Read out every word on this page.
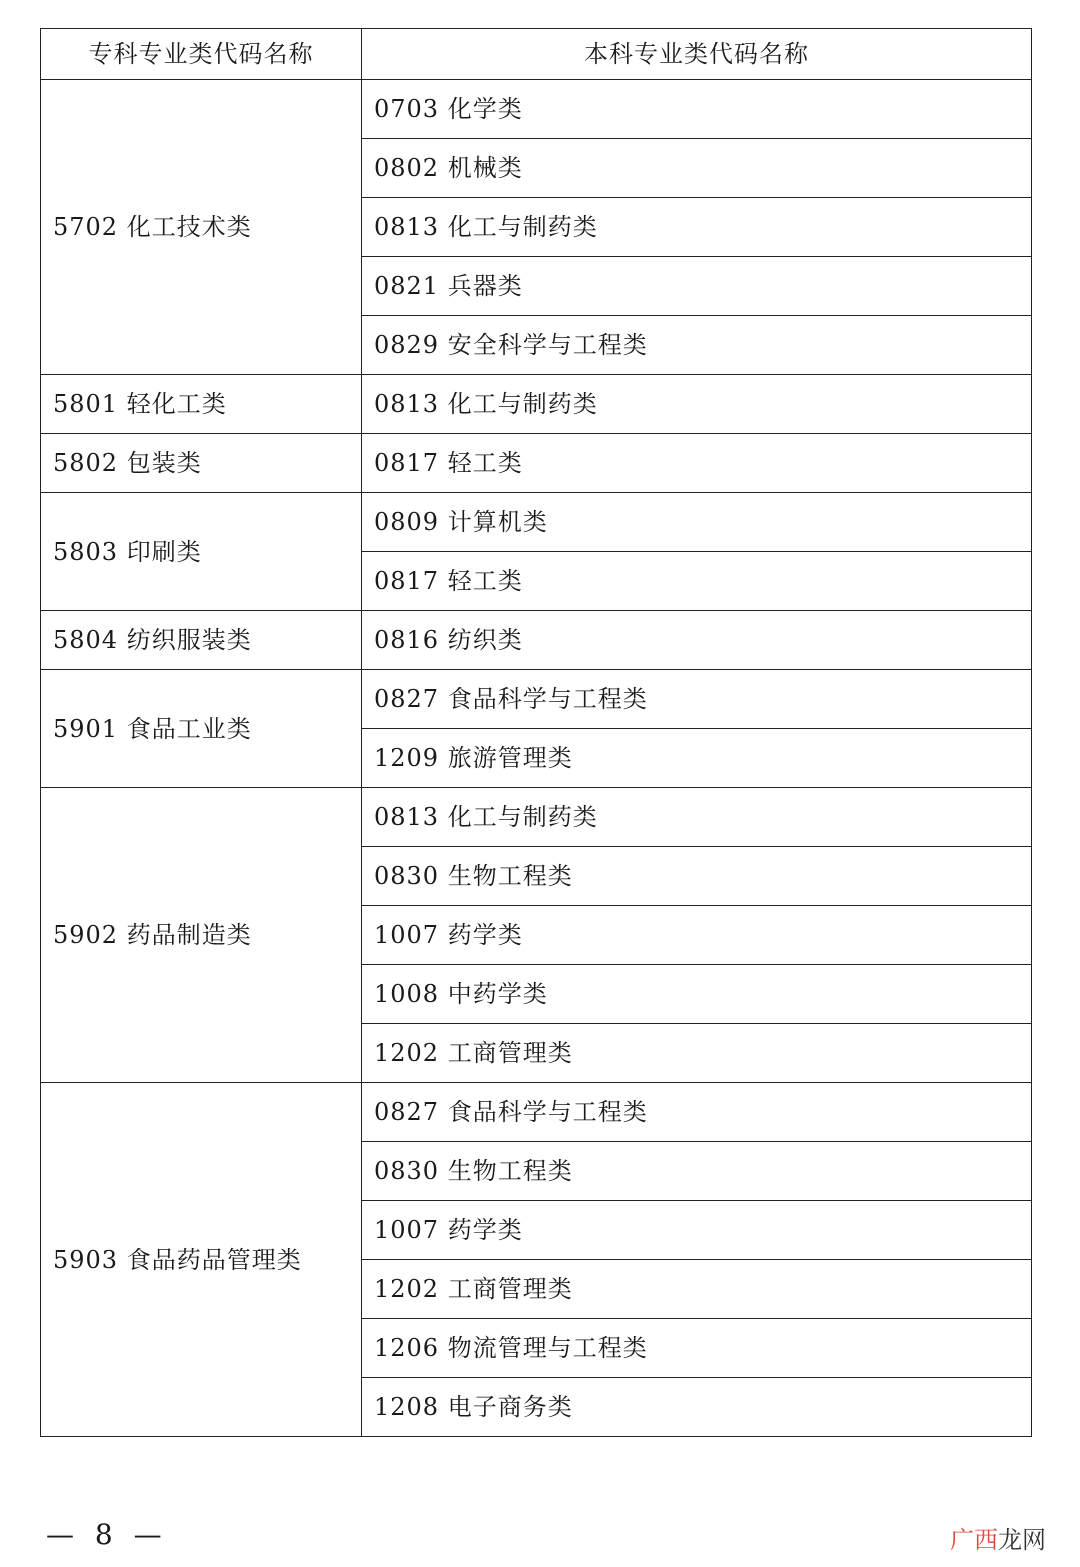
专科专业类代码名称	本科专业类代码名称
5702 化工技术类	0703 化学类
	0802 机械类
	0813 化工与制药类
	0821 兵器类
	0829 安全科学与工程类
5801 轻化工类	0813 化工与制药类
5802 包装类	0817 轻工类
5803 印刷类	0809 计算机类
	0817 轻工类
5804 纺织服装类	0816 纺织类
5901 食品工业类	0827 食品科学与工程类
	1209 旅游管理类
5902 药品制造类	0813 化工与制药类
	0830 生物工程类
	1007 药学类
	1008 中药学类
	1202 工商管理类
5903 食品药品管理类	0827 食品科学与工程类
	0830 生物工程类
	1007 药学类
	1202 工商管理类
	1206 物流管理与工程类
	1208 电子商务类
— 8 —	广西龙网
